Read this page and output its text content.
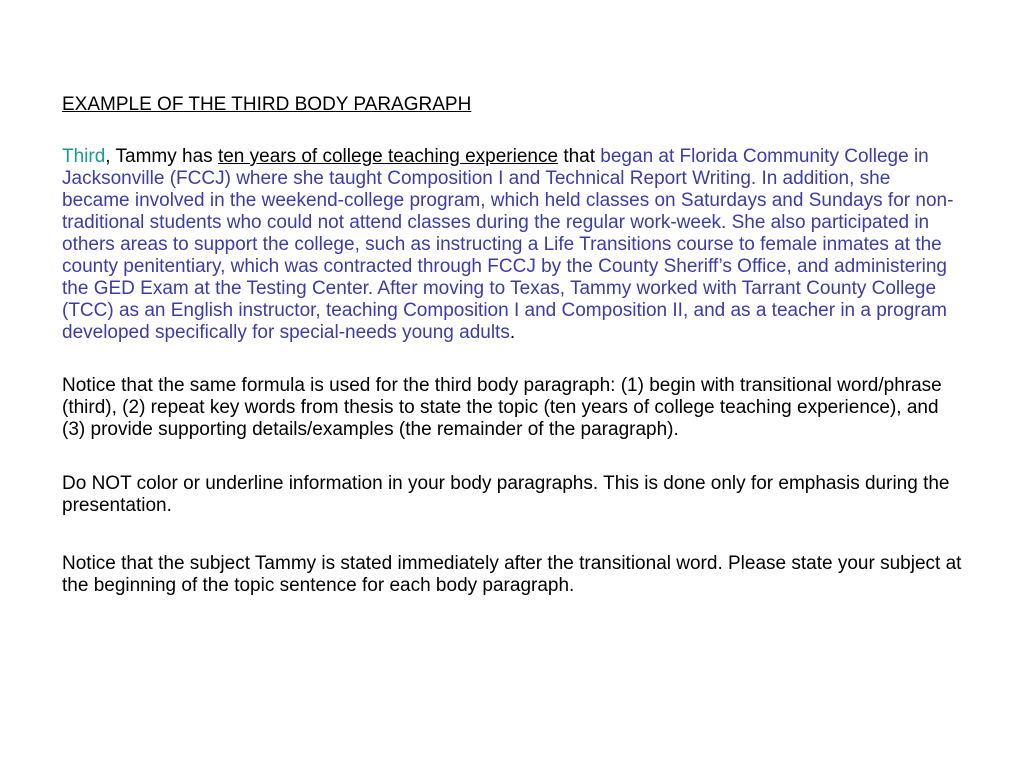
EXAMPLE OF THE THIRD BODY PARAGRAPH

Third, Tammy has ten years of college teaching experience that began at Florida Community College in Jacksonville (FCCJ) where she taught Composition I and Technical Report Writing. In addition, she became involved in the weekend-college program, which held classes on Saturdays and Sundays for non-traditional students who could not attend classes during the regular work-week. She also participated in others areas to support the college, such as instructing a Life Transitions course to female inmates at the county penitentiary, which was contracted through FCCJ by the County Sheriff’s Office, and administering the GED Exam at the Testing Center. After moving to Texas, Tammy worked with Tarrant County College (TCC) as an English instructor, teaching Composition I and Composition II, and as a teacher in a program developed specifically for special-needs young adults.

Notice that the same formula is used for the third body paragraph: (1) begin with transitional word/phrase (third), (2) repeat key words from thesis to state the topic (ten years of college teaching experience), and (3) provide supporting details/examples (the remainder of the paragraph).

Do NOT color or underline information in your body paragraphs. This is done only for emphasis during the presentation.

Notice that the subject Tammy is stated immediately after the transitional word. Please state your subject at the beginning of the topic sentence for each body paragraph.
